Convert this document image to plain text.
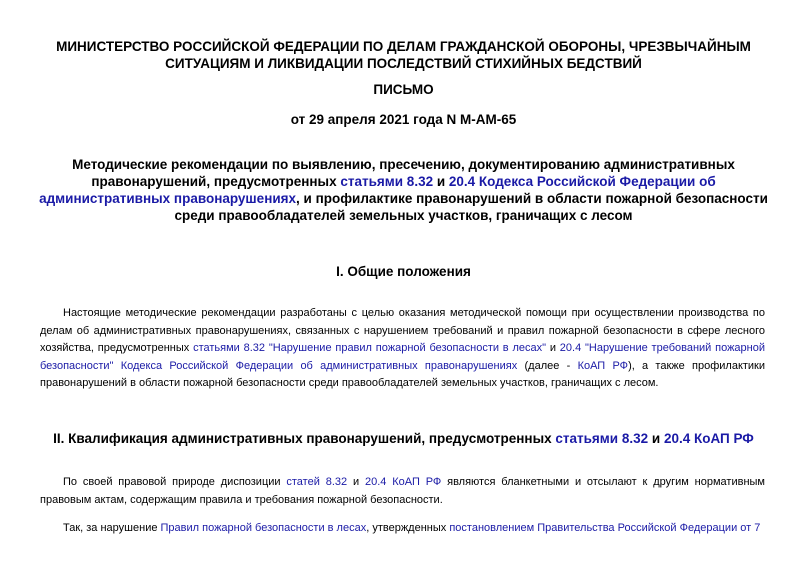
МИНИСТЕРСТВО РОССИЙСКОЙ ФЕДЕРАЦИИ ПО ДЕЛАМ ГРАЖДАНСКОЙ ОБОРОНЫ, ЧРЕЗВЫЧАЙНЫМ
СИТУАЦИЯМ И ЛИКВИДАЦИИ ПОСЛЕДСТВИЙ СТИХИЙНЫХ БЕДСТВИЙ
ПИСЬМО
от 29 апреля 2021 года N М-АМ-65
Методические рекомендации по выявлению, пресечению, документированию административных
правонарушений, предусмотренных статьями 8.32 и 20.4 Кодекса Российской Федерации об
административных правонарушениях, и профилактике правонарушений в области пожарной безопасности
среди правообладателей земельных участков, граничащих с лесом
I. Общие положения
Настоящие методические рекомендации разработаны с целью оказания методической помощи при осуществлении производства по делам об административных правонарушениях, связанных с нарушением требований и правил пожарной безопасности в сфере лесного хозяйства, предусмотренных статьями 8.32 "Нарушение правил пожарной безопасности в лесах" и 20.4 "Нарушение требований пожарной безопасности" Кодекса Российской Федерации об административных правонарушениях (далее - КоАП РФ), а также профилактики правонарушений в области пожарной безопасности среди правообладателей земельных участков, граничащих с лесом.
II. Квалификация административных правонарушений, предусмотренных статьями 8.32 и 20.4 КоАП РФ
По своей правовой природе диспозиции статей 8.32 и 20.4 КоАП РФ являются бланкетными и отсылают к другим нормативным правовым актам, содержащим правила и требования пожарной безопасности.
Так, за нарушение Правил пожарной безопасности в лесах, утвержденных постановлением Правительства Российской Федерации от 7
